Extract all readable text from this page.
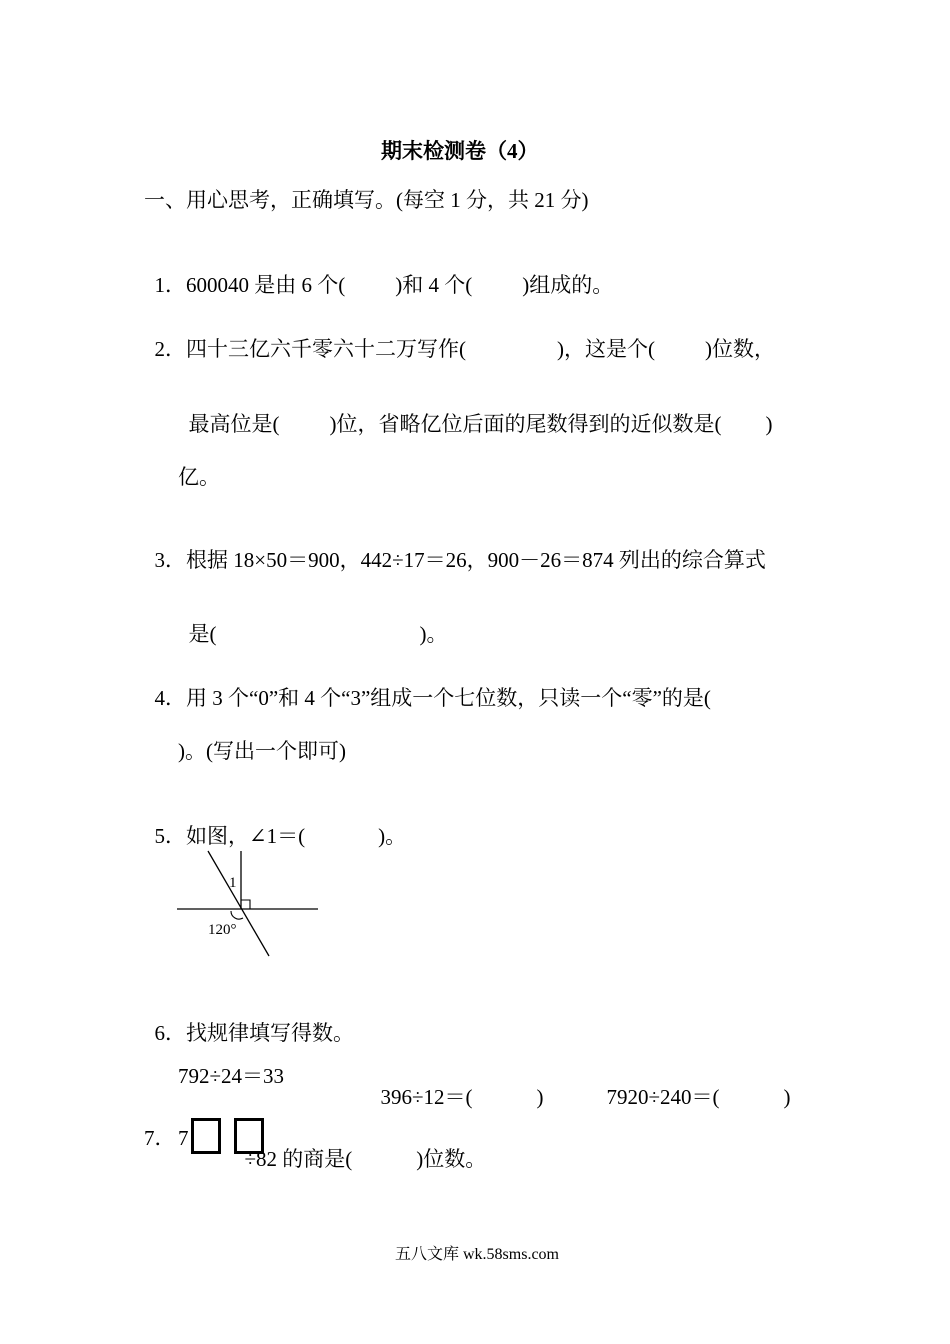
期末检测卷（4）
一、用心思考，正确填写。(每空 1 分，共 21 分)

1．600040 是由 6 个( )和 4 个( )组成的。

2．四十三亿六千零六十二万写作(	)，这是个( )位数，

最高位是( )位，省略亿位后面的尾数得到的近似数是( )

亿。

3．根据 18×50＝900，442÷17＝26，900－26＝874 列出的综合算式

是(	)。

4．用 3 个“0”和 4 个“3”组成一个七位数，只读一个“零”的是(

)。(写出一个即可)

5．如图，∠1＝(	)。

1
120°

6．找规律填写得数。

792÷24＝33

396÷12＝(	)	7920÷240＝(	)

7． 7

÷82 的商是(	)位数。

五八文库 wk.58sms.com
